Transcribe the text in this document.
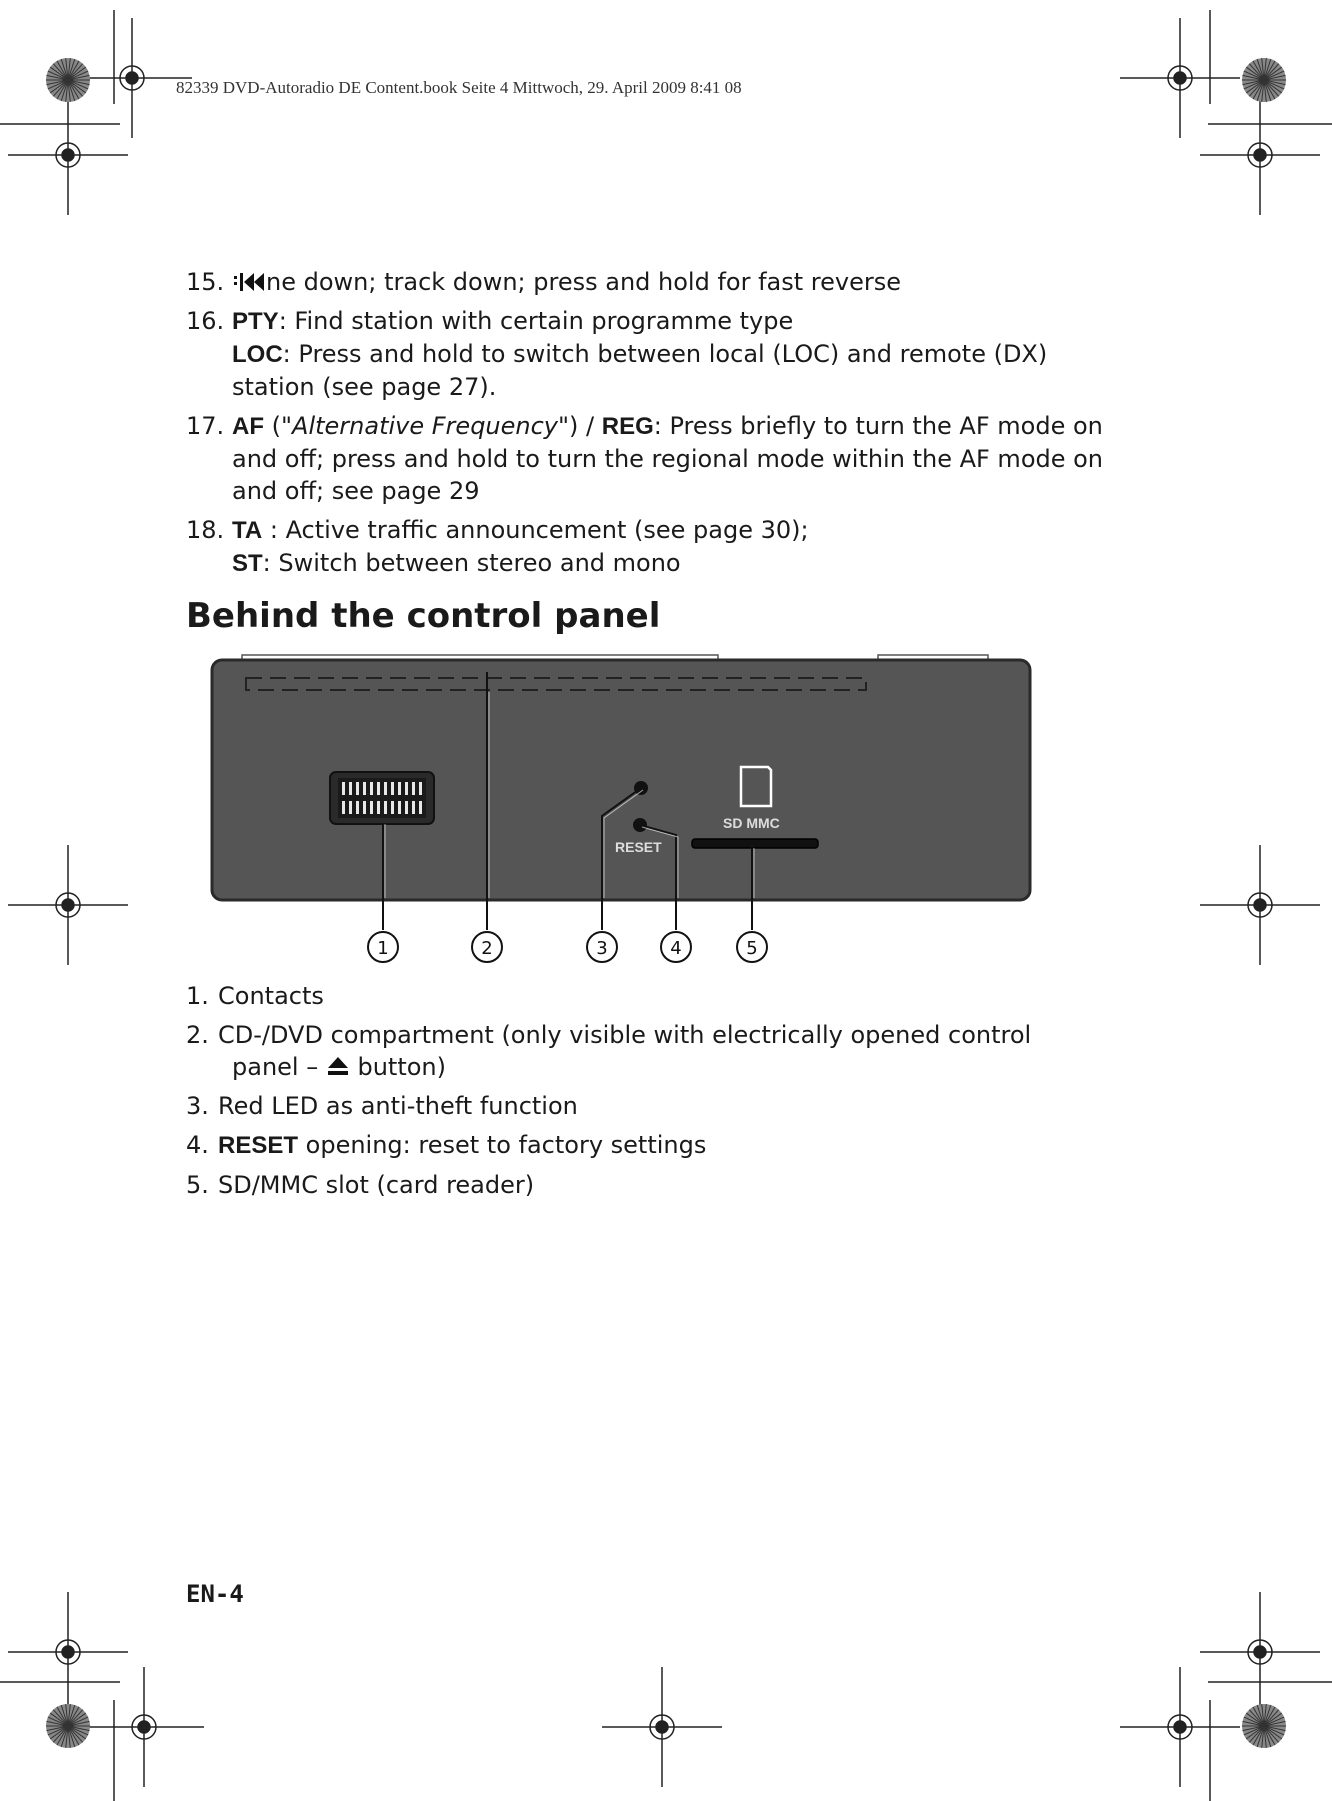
82339 DVD-Autoradio DE Content.book Seite 4 Mittwoch, 29. April 2009 8:41 08
15.	ne down; track down; press and hold for fast reverse
16. PTY: Find station with certain programme type
LOC: Press and hold to switch between local (LOC) and remote (DX)
station (see page 27).
17. AF ("Alternative Frequency") / REG: Press briefly to turn the AF mode on
and off; press and hold to turn the regional mode within the AF mode on
and off; see page 29
18. TA : Active traffic announcement (see page 30);
ST: Switch between stereo and mono
Behind the control panel
RESET
SD MMC
1	2	3	4	5
1. Contacts
2. CD-/DVD compartment (only visible with electrically opened control
panel –  button)
3. Red LED as anti-theft function
4. RESET opening: reset to factory settings
5. SD/MMC slot (card reader)
EN-4
